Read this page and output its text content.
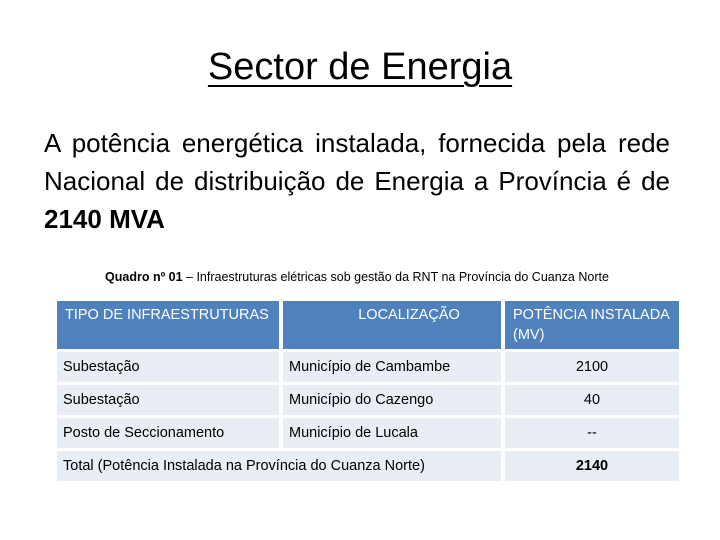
Sector de Energia
A potência energética instalada, fornecida pela rede Nacional de distribuição de Energia a Província é de 2140 MVA
Quadro nº 01 – Infraestruturas elétricas sob gestão da RNT na Província do Cuanza Norte
TIPO DE INFRAESTRUTURAS		LOCALIZAÇÃO		POTÊNCIA INSTALADA (MV)
Subestação		Município de Cambambe		2100
Subestação		Município do Cazengo		40
Posto de Seccionamento		Município de Lucala		--
Total (Potência Instalada na Província do Cuanza Norte)				2140
